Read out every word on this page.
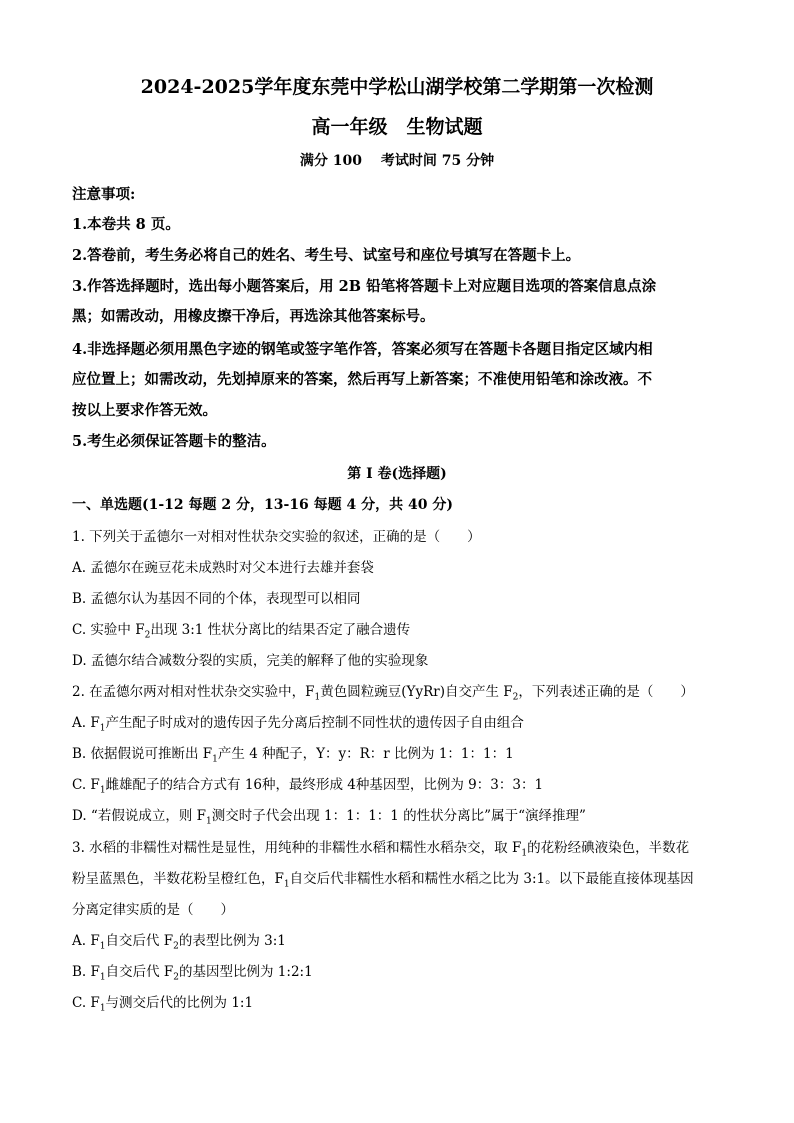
2024-2025学年度东莞中学松山湖学校第二学期第一次检测
高一年级　生物试题
满分 100　 考试时间 75 分钟
注意事项:
1.本卷共 8 页。
2.答卷前，考生务必将自己的姓名、考生号、试室号和座位号填写在答题卡上。
3.作答选择题时，选出每小题答案后，用 2B 铅笔将答题卡上对应题目选项的答案信息点涂
黑；如需改动，用橡皮擦干净后，再选涂其他答案标号。
4.非选择题必须用黑色字迹的钢笔或签字笔作答，答案必须写在答题卡各题目指定区域内相
应位置上；如需改动，先划掉原来的答案，然后再写上新答案；不准使用铅笔和涂改液。不
按以上要求作答无效。
5.考生必须保证答题卡的整洁。
第 I 卷(选择题)
一、单选题(1-12 每题 2 分，13-16 每题 4 分，共 40 分)
1. 下列关于孟德尔一对相对性状杂交实验的叙述，正确的是（　　）
A. 孟德尔在豌豆花未成熟时对父本进行去雄并套袋
B. 孟德尔认为基因不同的个体，表现型可以相同
C. 实验中 $F_2$出现 3:1 性状分离比的结果否定了融合遗传
D. 孟德尔结合减数分裂的实质，完美的解释了他的实验现象
2. 在孟德尔两对相对性状杂交实验中，$F_1$黄色圆粒豌豆(YyRr)自交产生 $F_2$，下列表述正确的是（　　）
A. $F_1$产生配子时成对的遗传因子先分离后控制不同性状的遗传因子自由组合
B. 依据假说可推断出 $F_1$产生 4 种配子，Y：y：R：r 比例为 1：1：1：1
C. $F_1$雌雄配子的结合方式有 16种，最终形成 4种基因型，比例为 9：3：3：1
D. “若假说成立，则 $F_1$测交时子代会出现 1：1：1：1 的性状分离比”属于“演绎推理”
3. 水稻的非糯性对糯性是显性，用纯种的非糯性水稻和糯性水稻杂交，取 $F_1$的花粉经碘液染色，半数花
粉呈蓝黑色，半数花粉呈橙红色，$F_1$自交后代非糯性水稻和糯性水稻之比为 3:1。以下最能直接体现基因
分离定律实质的是（　　）
A. $F_1$自交后代 $F_2$的表型比例为 3:1
B. $F_1$自交后代 $F_2$的基因型比例为 1:2:1
C. $F_1$与测交后代的比例为 1:1
